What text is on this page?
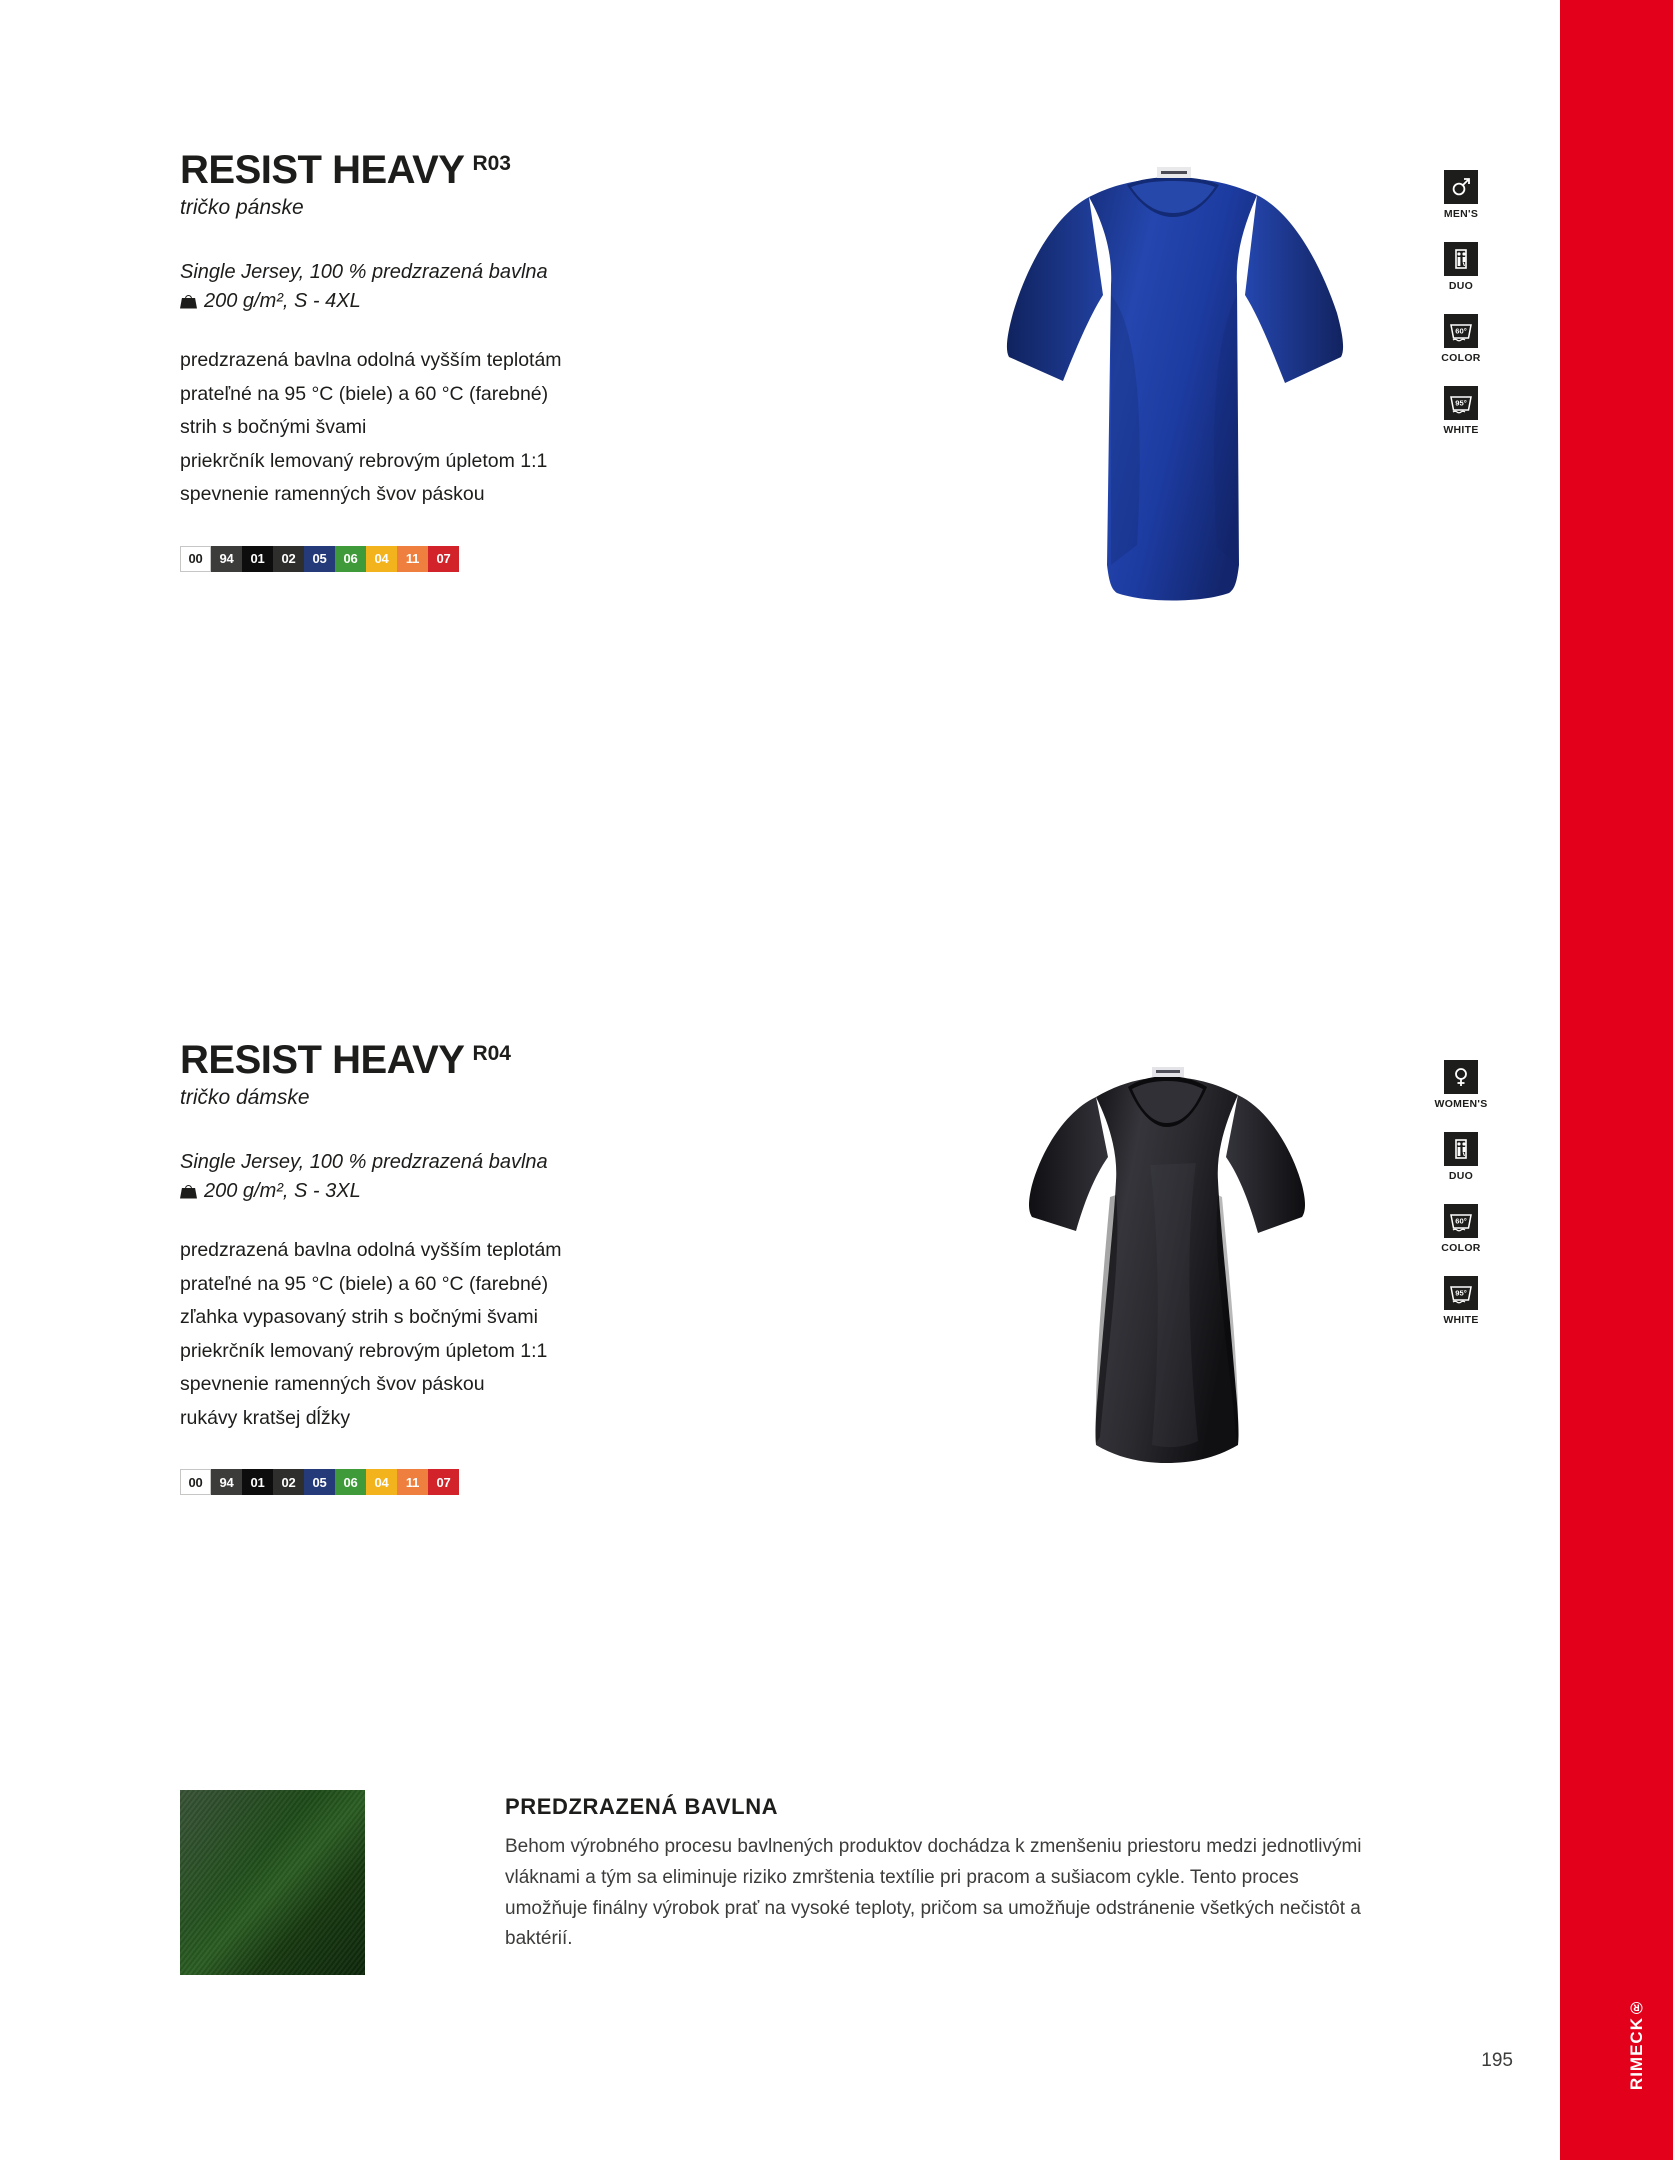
RIMECK®
195
RESIST HEAVY R03
tričko pánske
Single Jersey, 100 % predzrazená bavlna
200 g/m², S - 4XL
predzrazená bavlna odolná vyšším teplotám
prateľné na 95 °C (biele) a 60 °C (farebné)
strih s bočnými švami
priekrčník lemovaný rebrovým úpletom 1:1
spevnenie ramenných švov páskou
00	94	01	02	05	06	04	11	07
MEN'S
DUO
60°
COLOR
95°
WHITE
RESIST HEAVY R04
tričko dámske
Single Jersey, 100 % predzrazená bavlna
200 g/m², S - 3XL
predzrazená bavlna odolná vyšším teplotám
prateľné na 95 °C (biele) a 60 °C (farebné)
zľahka vypasovaný strih s bočnými švami
priekrčník lemovaný rebrovým úpletom 1:1
spevnenie ramenných švov páskou
rukávy kratšej dĺžky
00	94	01	02	05	06	04	11	07
WOMEN'S
DUO
60°
COLOR
95°
WHITE
PREDZRAZENÁ BAVLNA
Behom výrobného procesu bavlnených produktov dochádza k zmenšeniu priestoru medzi jednotlivými vláknami a tým sa eliminuje riziko zmrštenia textílie pri pracom a sušiacom cykle. Tento proces umožňuje finálny výrobok prať na vysoké teploty, pričom sa umožňuje odstránenie všetkých nečistôt a baktérií.
